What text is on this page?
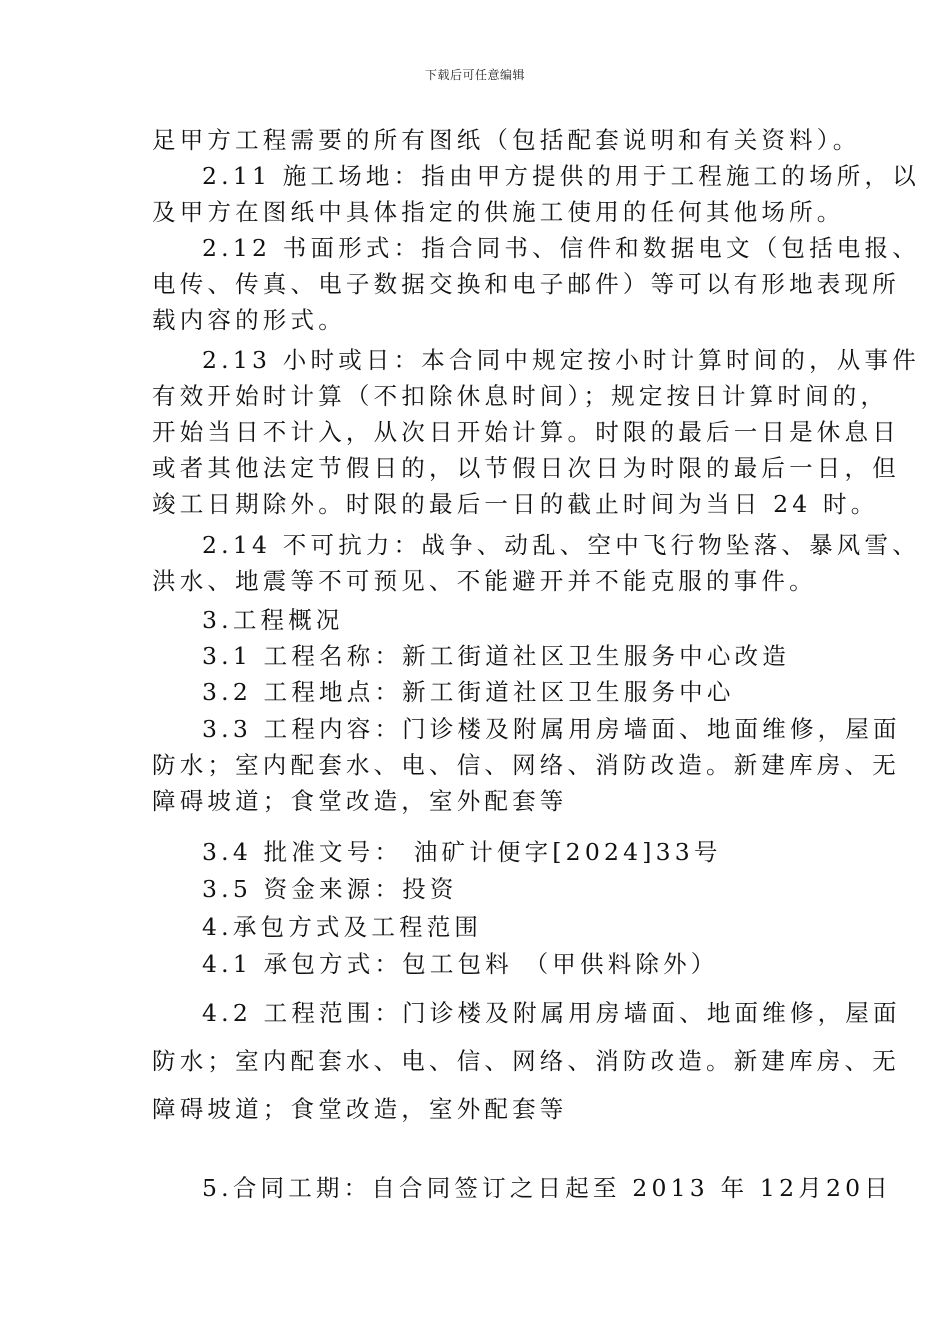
下载后可任意编辑
足甲方工程需要的所有图纸（包括配套说明和有关资料）。
2.11 施工场地：指由甲方提供的用于工程施工的场所，以
及甲方在图纸中具体指定的供施工使用的任何其他场所。
2.12 书面形式：指合同书、信件和数据电文（包括电报、
电传、传真、电子数据交换和电子邮件）等可以有形地表现所
载内容的形式。
2.13 小时或日：本合同中规定按小时计算时间的，从事件
有效开始时计算（不扣除休息时间）；规定按日计算时间的，
开始当日不计入，从次日开始计算。时限的最后一日是休息日
或者其他法定节假日的，以节假日次日为时限的最后一日，但
竣工日期除外。时限的最后一日的截止时间为当日 24 时。
2.14 不可抗力：战争、动乱、空中飞行物坠落、暴风雪、
洪水、地震等不可预见、不能避开并不能克服的事件。
3.工程概况
3.1 工程名称：新工街道社区卫生服务中心改造
3.2 工程地点：新工街道社区卫生服务中心
3.3 工程内容：门诊楼及附属用房墙面、地面维修，屋面
防水；室内配套水、电、信、网络、消防改造。新建库房、无
障碍坡道；食堂改造，室外配套等
3.4 批准文号： 油矿计便字[2024]33号
3.5 资金来源：投资
4.承包方式及工程范围
4.1 承包方式：包工包料 （甲供料除外）
4.2 工程范围：门诊楼及附属用房墙面、地面维修，屋面
防水；室内配套水、电、信、网络、消防改造。新建库房、无
障碍坡道；食堂改造，室外配套等
5.合同工期：自合同签订之日起至 2013 年 12月20日
